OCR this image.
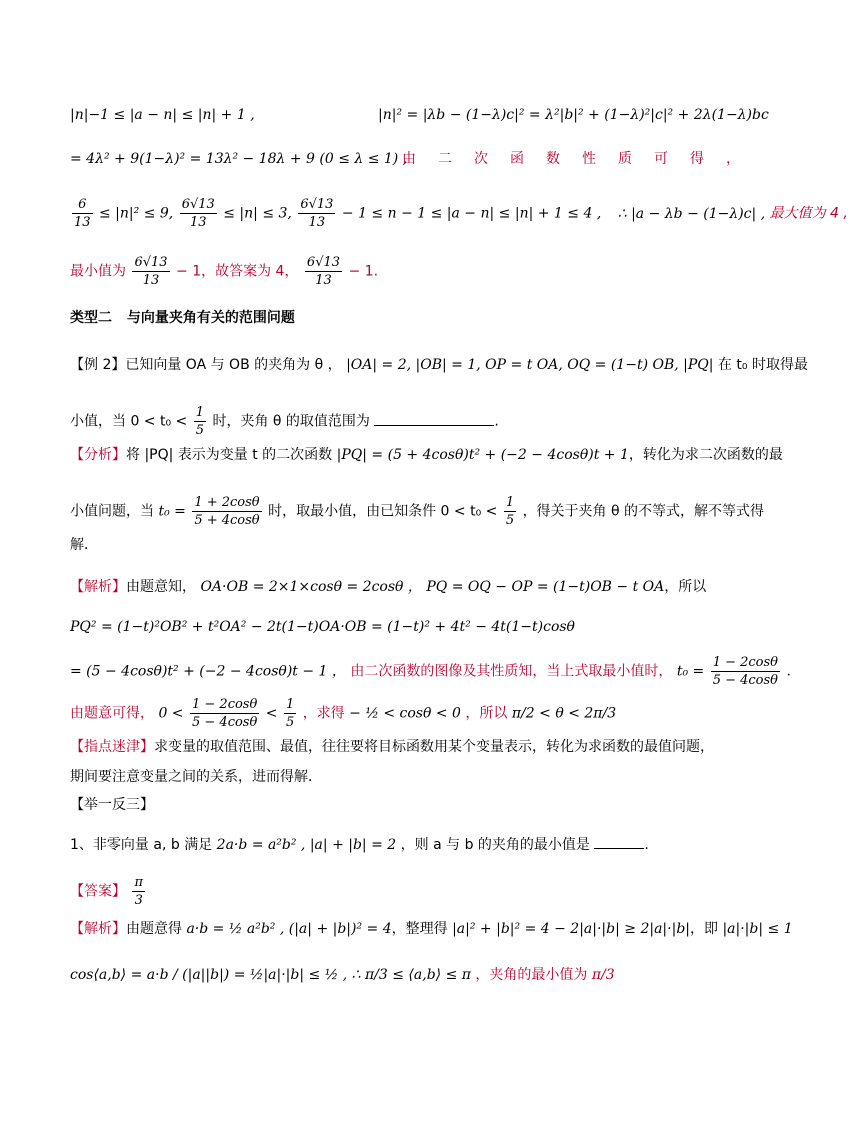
|n|−1 ≤ |a − n| ≤ |n| + 1 ,	|n|² = |λb − (1−λ)c|² = λ²|b|² + (1−λ)²|c|² + 2λ(1−λ)bc
= 4λ² + 9(1−λ)² = 13λ² − 18λ + 9 (0 ≤ λ ≤ 1) ,
由二次函数性质可得，
$\frac{6}{13} \le |n|^2 \le 9$, $\frac{6√13}{13} \le |n| \le 3$, $\frac{6√13}{13} - 1 \le n - 1 \le |a - n| \le |n| + 1 \le 4$ , ∴ |a − λb − (1−λ)c| , 最大值为 4 ,
最小值为 $\frac{6√13}{13} - 1$，故答案为 4， $\frac{6√13}{13} - 1$.
类型二 与向量夹角有关的范围问题
【例 2】已知向量 OA 与 OB 的夹角为 θ ， |OA| = 2, |OB| = 1, OP = t OA, OQ = (1−t) OB, |PQ| 在 t₀ 时取得最
小值，当 $0 < t_0 < \frac{1}{5}$ 时，夹角 θ 的取值范围为	.
【分析】将 |PQ| 表示为变量 t 的二次函数 |PQ| = (5 + 4cosθ)t² + (−2 − 4cosθ)t + 1，转化为求二次函数的最
小值问题，当 $t_0 = \frac{1 + 2\cos\theta}{5 + 4\cos\theta}$ 时，取最小值，由已知条件 $0 < t_0 < \frac{1}{5}$ ，得关于夹角 θ 的不等式，解不等式得
解．
【解析】由题意知， OA·OB = 2×1×cosθ = 2cosθ ， PQ = OQ − OP = (1−t)OB − t OA，所以
PQ² = (1−t)²OB² + t²OA² − 2t(1−t)OA·OB = (1−t)² + 4t² − 4t(1−t)cosθ
= (5 − 4cosθ)t² + (−2 − 4cosθ)t − 1 ， 由二次函数的图像及其性质知，当上式取最小值时， $t_0 = \frac{1 - 2\cos\theta}{5 - 4\cos\theta}$ .
由题意可得， $0 < \frac{1 - 2\cos\theta}{5 - 4\cos\theta} < \frac{1}{5}$ ，求得 − ½ < cosθ < 0 ，所以 π/2 < θ < 2π/3
【指点迷津】求变量的取值范围、最值，往往要将目标函数用某个变量表示，转化为求函数的最值问题，
期间要注意变量之间的关系，进而得解．
【举一反三】
1、非零向量 a, b 满足 2a·b = a²b² , |a| + |b| = 2 ，则 a 与 b 的夹角的最小值是	.
【答案】 $\frac{\pi}{3}$
【解析】由题意得 a·b = ½ a²b² , (|a| + |b|)² = 4，整理得 |a|² + |b|² = 4 − 2|a|·|b| ≥ 2|a|·|b|，即 |a|·|b| ≤ 1
cos⟨a,b⟩ = a·b / (|a||b|) = ½|a|·|b| ≤ ½ , ∴ π/3 ≤ ⟨a,b⟩ ≤ π ，夹角的最小值为 π/3
